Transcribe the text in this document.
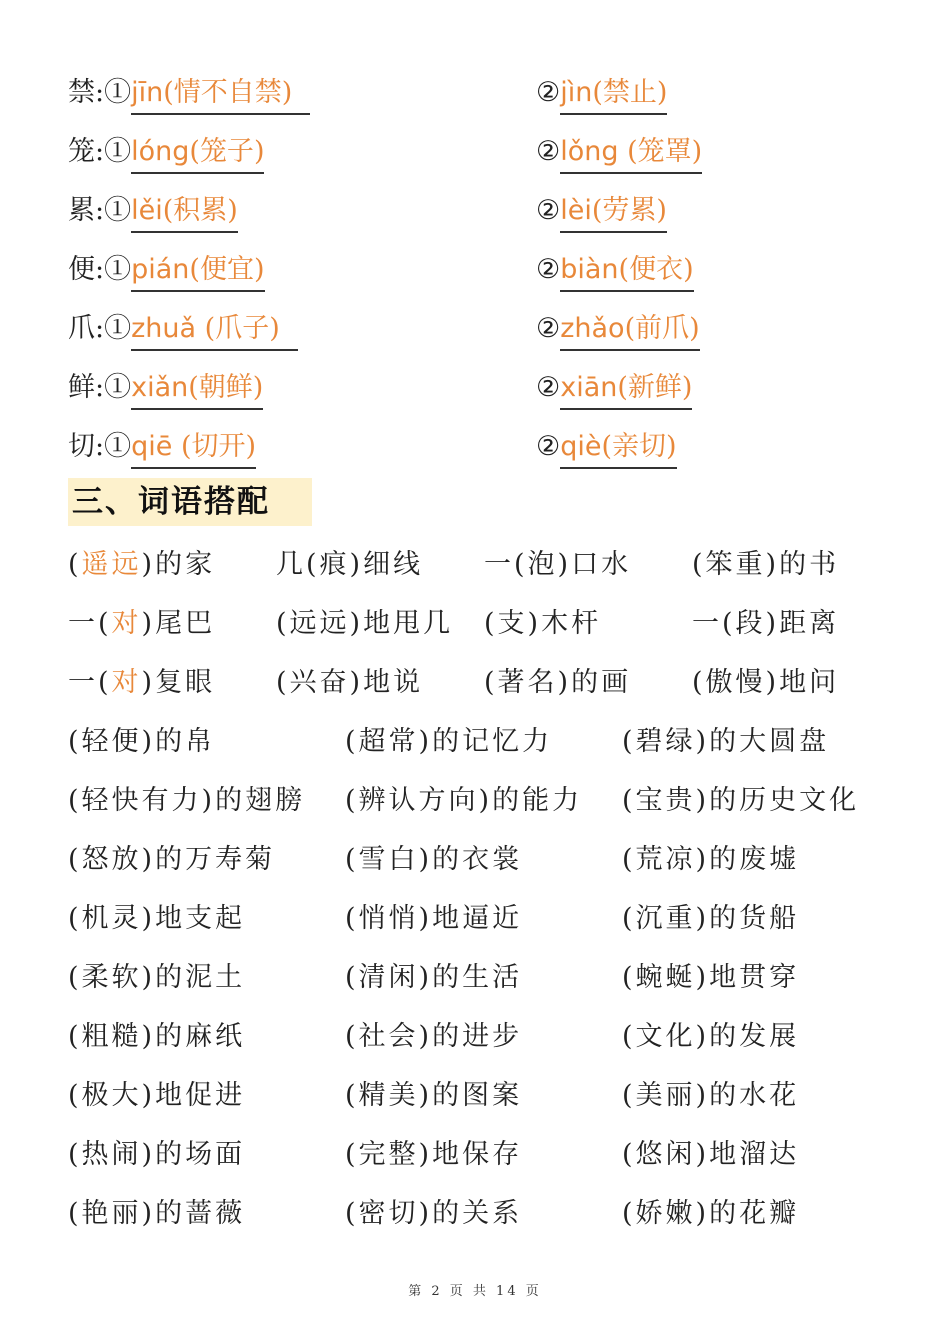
禁:①jīn(情不自禁)	②jìn(禁止)
笼:①lóng(笼子)	②lǒng (笼罩)
累:①lěi(积累)	②lèi(劳累)
便:①pián(便宜)	②biàn(便衣)
爪:①zhuǎ (爪子)	②zhǎo(前爪)
鲜:①xiǎn(朝鲜)	②xiān(新鲜)
切:①qiē (切开)	②qiè(亲切)
三、词语搭配
(遥远)的家 几(痕)细线 一(泡)口水 (笨重)的书
一(对)尾巴 (远远)地甩几 (支)木杆	一(段)距离
一(对)复眼 (兴奋)地说 (著名)的画 (傲慢)地问
(轻便)的帛	(超常)的记忆力	(碧绿)的大圆盘
(轻快有力)的翅膀 (辨认方向)的能力 (宝贵)的历史文化
(怒放)的万寿菊	(雪白)的衣裳	(荒凉)的废墟
(机灵)地支起	(悄悄)地逼近	(沉重)的货船
(柔软)的泥土	(清闲)的生活	(蜿蜒)地贯穿
(粗糙)的麻纸	(社会)的进步	(文化)的发展
(极大)地促进	(精美)的图案	(美丽)的水花
(热闹)的场面	(完整)地保存	(悠闲)地溜达
(艳丽)的蔷薇	(密切)的关系	(娇嫩)的花瓣
第 2 页 共 14 页
